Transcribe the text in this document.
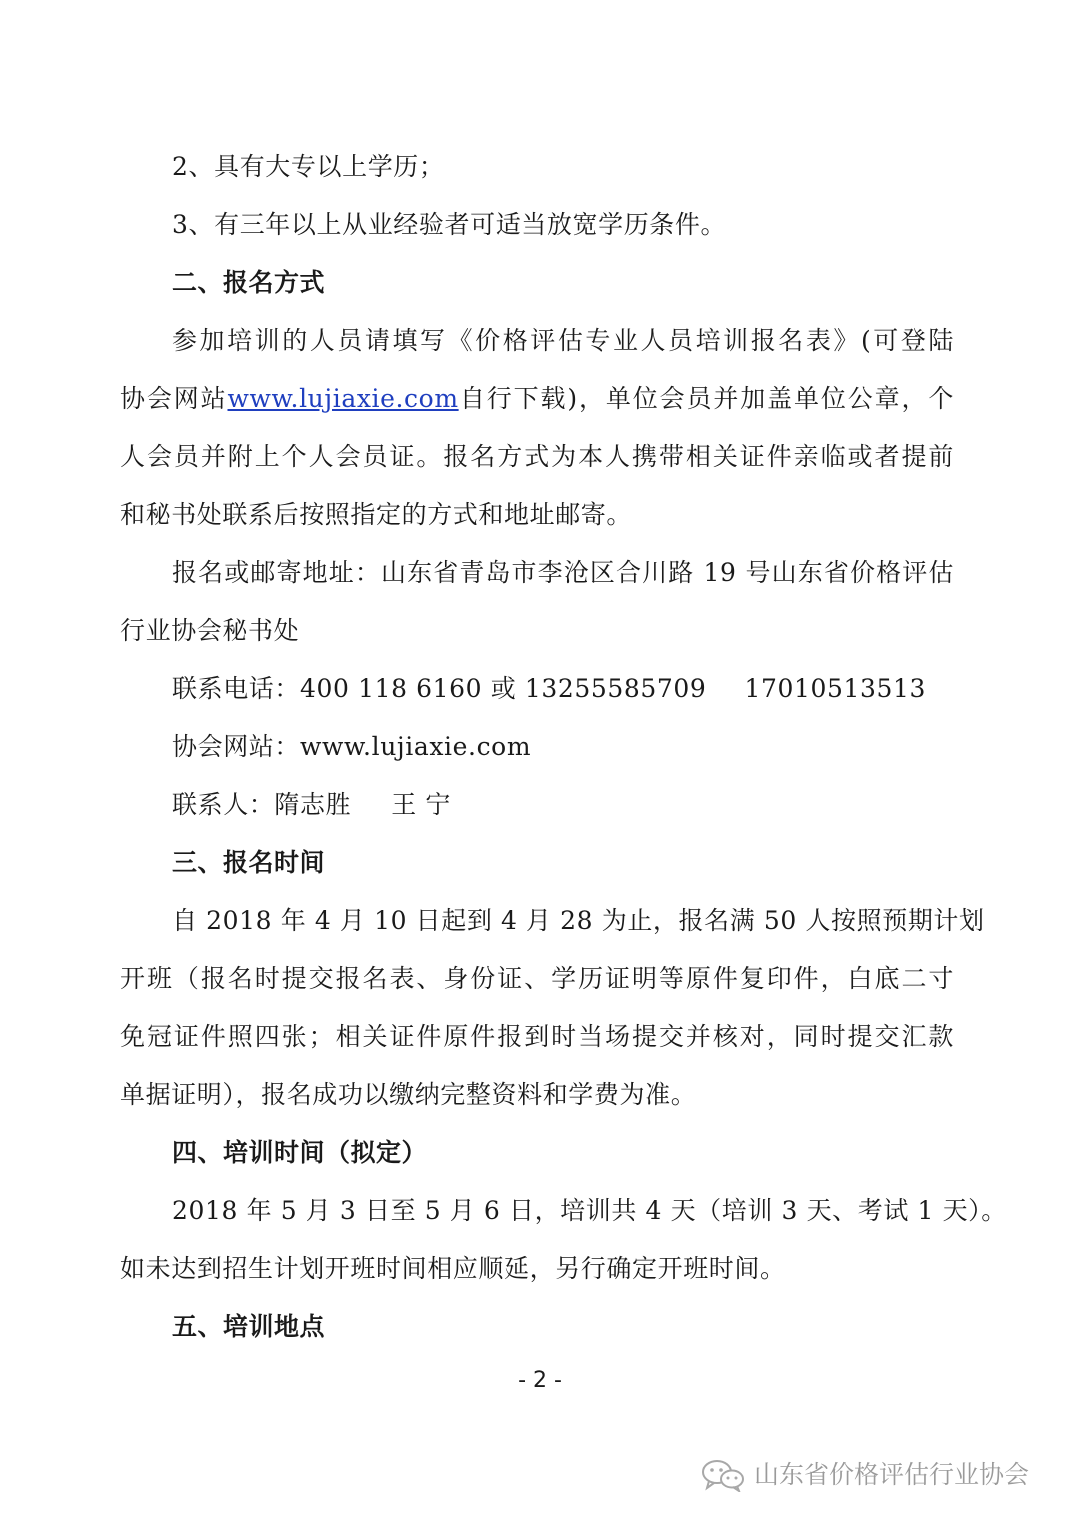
2、具有大专以上学历；
3、有三年以上从业经验者可适当放宽学历条件。
二、报名方式
参加培训的人员请填写《价格评估专业人员培训报名表》(可登陆
协会网站www.lujiaxie.com自行下载)，单位会员并加盖单位公章，个
人会员并附上个人会员证。报名方式为本人携带相关证件亲临或者提前
和秘书处联系后按照指定的方式和地址邮寄。
报名或邮寄地址：山东省青岛市李沧区合川路 19 号山东省价格评估
行业协会秘书处
联系电话：400 118 6160 或 13255585709 17010513513
协会网站：www.lujiaxie.com
联系人：隋志胜 王 宁
三、报名时间
自 2018 年 4 月 10 日起到 4 月 28 为止，报名满 50 人按照预期计划
开班（报名时提交报名表、身份证、学历证明等原件复印件，白底二寸
免冠证件照四张；相关证件原件报到时当场提交并核对，同时提交汇款
单据证明），报名成功以缴纳完整资料和学费为准。
四、培训时间（拟定）
2018 年 5 月 3 日至 5 月 6 日，培训共 4 天（培训 3 天、考试 1 天）。
如未达到招生计划开班时间相应顺延，另行确定开班时间。
五、培训地点
- 2 -
山东省价格评估行业协会
